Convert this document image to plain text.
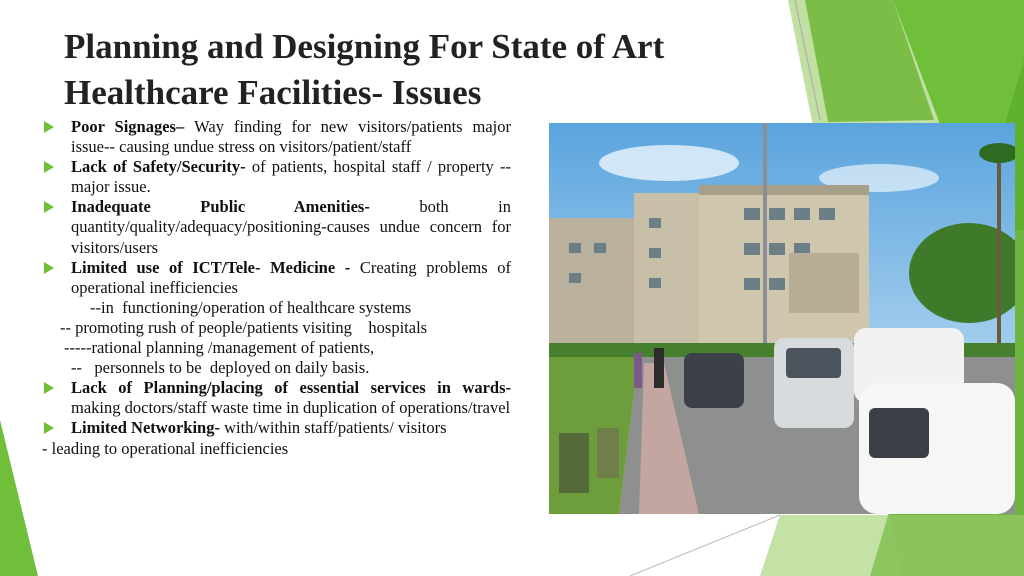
Planning and Designing For State of Art
Healthcare Facilities- Issues
Poor Signages– Way finding for new visitors/patients major issue-- causing undue stress on visitors/patient/staff
Lack of Safety/Security- of patients, hospital staff / property -- major issue.
Inadequate Public Amenities- both in quantity/quality/adequacy/positioning-causes undue concern for visitors/users
Limited use of ICT/Tele- Medicine - Creating problems of operational inefficiencies
--in  functioning/operation of healthcare systems
-- promoting rush of people/patients visiting    hospitals
-----rational planning /management of patients,
--   personnels to be  deployed on daily basis.
Lack of Planning/placing of essential services in wards- making doctors/staff waste time in duplication of operations/travel
Limited Networking- with/within staff/patients/ visitors
- leading to operational inefficiencies
